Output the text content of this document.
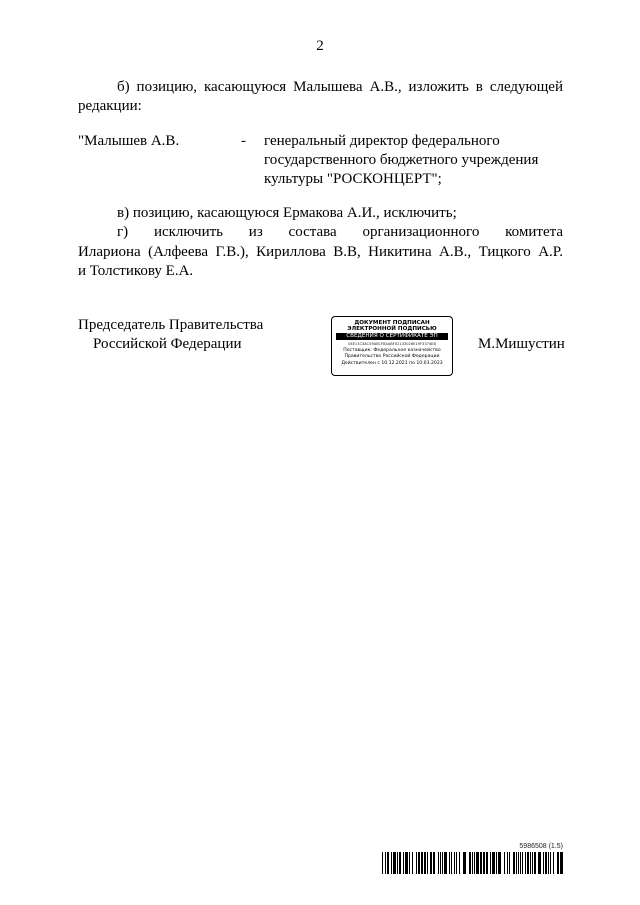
2
б) позицию, касающуюся Малышева А.В., изложить в следующей
редакции:
"Малышев А.В.	- генеральный директор федерального
государственного бюджетного учреждения
культуры "РОСКОНЦЕРТ";
в) позицию, касающуюся Ермакова А.И., исключить;
г) исключить из состава организационного комитета
Илариона (Алфеева Г.В.), Кириллова В.В, Никитина А.В., Тицкого А.Р.
и Толстикову Е.А.
Председатель Правительства
Российской Федерации	М.Мишустин
ДОКУМЕНТ ПОДПИСАН
ЭЛЕКТРОННОЙ ПОДПИСЬЮ
СВЕДЕНИЯ О СЕРТИФИКАТЕ ЭП
04E11C3AC59A8CFB4ABF02133026E19F3374EB
Поставщик: Федеральное казначейство
Правительство Российской Федерации
Действителен с 10.12.2021 по 10.03.2023
5986508 (1.5)
